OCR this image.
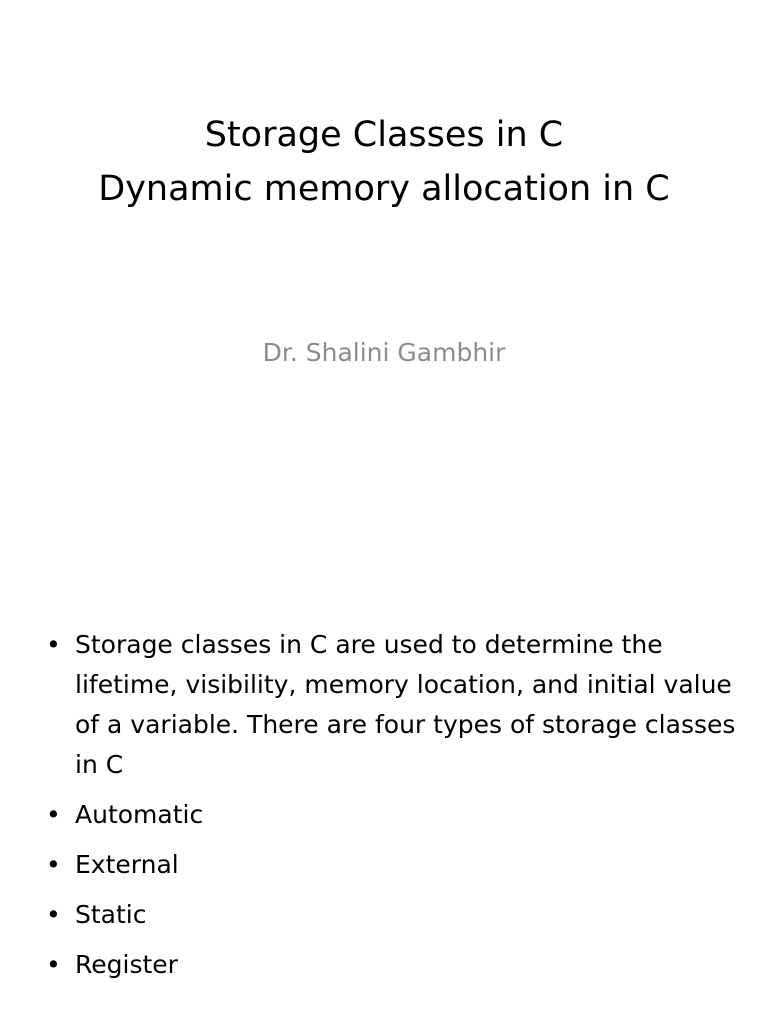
Storage Classes in C
Dynamic memory allocation in C
Dr. Shalini Gambhir
• Storage classes in C are used to determine the lifetime, visibility, memory location, and initial value of a variable. There are four types of storage classes in C
• Automatic
• External
• Static
• Register
